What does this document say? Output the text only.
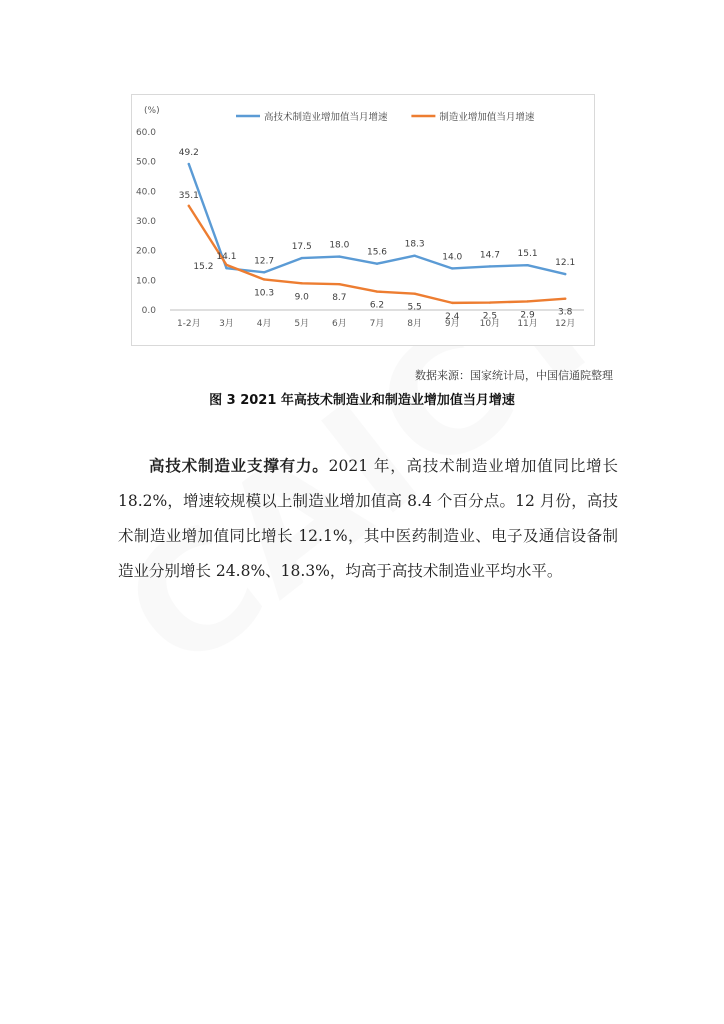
(%)
60.0
50.0
40.0
30.0
20.0
10.0
0.0
1-2月 3月	4月	5月	6月	7月	8月	9月 10月 11月 12月
高技术制造业增加值当月增速	制造业增加值当月增速
49.2
14.1 12.7
17.5 18.0
15.6
18.3
14.0 14.7 15.1
12.1
35.1
15.2
10.3 9.0	8.7
6.2	5.5
2.4	2.5	2.9	3.8
数据来源：国家统计局，中国信通院整理
图 3 2021 年高技术制造业和制造业增加值当月增速

高技术制造业支撑有力。2021 年，高技术制造业增加值同比增长 18.2%，增速较规模以上制造业增加值高 8.4 个百分点。12 月份，高技术制造业增加值同比增长 12.1%，其中医药制造业、电子及通信设备制造业分别增长 24.8%、18.3%，均高于高技术制造业平均水平。
